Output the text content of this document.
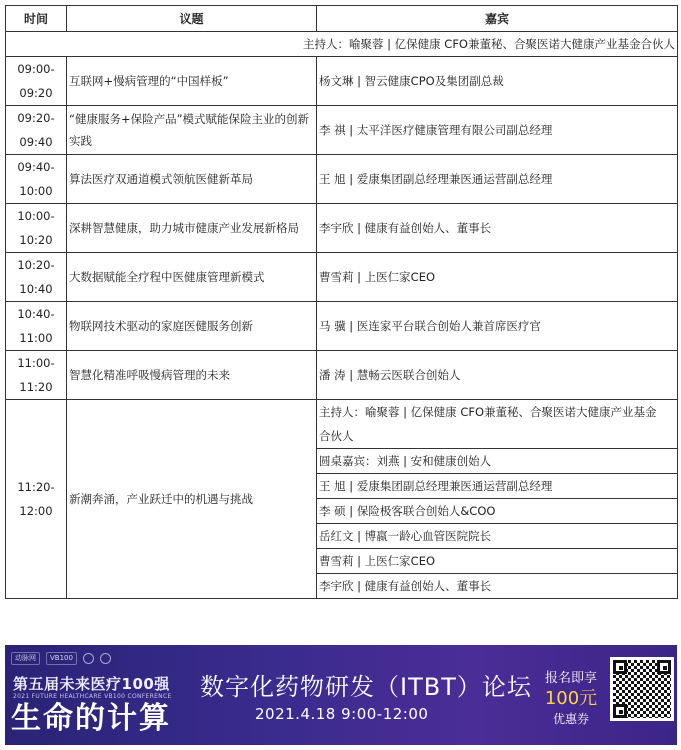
时间	议题	嘉宾
主持人：喻聚蓉 | 亿保健康 CFO兼董秘、合聚医诺大健康产业基金合伙人		
09:00-
09:20	互联网+慢病管理的“中国样板”	杨文琳 | 智云健康CPO及集团副总裁
09:20-
09:40	“健康服务+保险产品”模式赋能保险主业的创新实践	李 祺 | 太平洋医疗健康管理有限公司副总经理
09:40-
10:00	算法医疗双通道模式领航医健新革局	王 旭 | 爱康集团副总经理兼医通运营副总经理
10:00-
10:20	深耕智慧健康，助力城市健康产业发展新格局	李宇欣 | 健康有益创始人、董事长
10:20-
10:40	大数据赋能全疗程中医健康管理新模式	曹雪莉 | 上医仁家CEO
10:40-
11:00	物联网技术驱动的家庭医健服务创新	马 骥 | 医连家平台联合创始人兼首席医疗官
11:00-
11:20	智慧化精准呼吸慢病管理的未来	潘 涛 | 慧畅云医联合创始人
11:20-
12:00	新潮奔涌，产业跃迁中的机遇与挑战	主持人：喻聚蓉 | 亿保健康 CFO兼董秘、合聚医诺大健康产业基金
合伙人
		圆桌嘉宾：刘燕 | 安和健康创始人
		王 旭 | 爱康集团副总经理兼医通运营副总经理
		李 硕 | 保险极客联合创始人&COO
		岳红文 | 博嬴一龄心血管医院院长
		曹雪莉 | 上医仁家CEO
		李宇欣 | 健康有益创始人、董事长
动脉网	VB100
第五届未来医疗100强
2021 FUTURE HEALTHCARE VB100 CONFERENCE
生命的计算
数字化药物研发（ITBT）论坛
2021.4.18 9:00-12:00
报名即享
100元
优惠券
